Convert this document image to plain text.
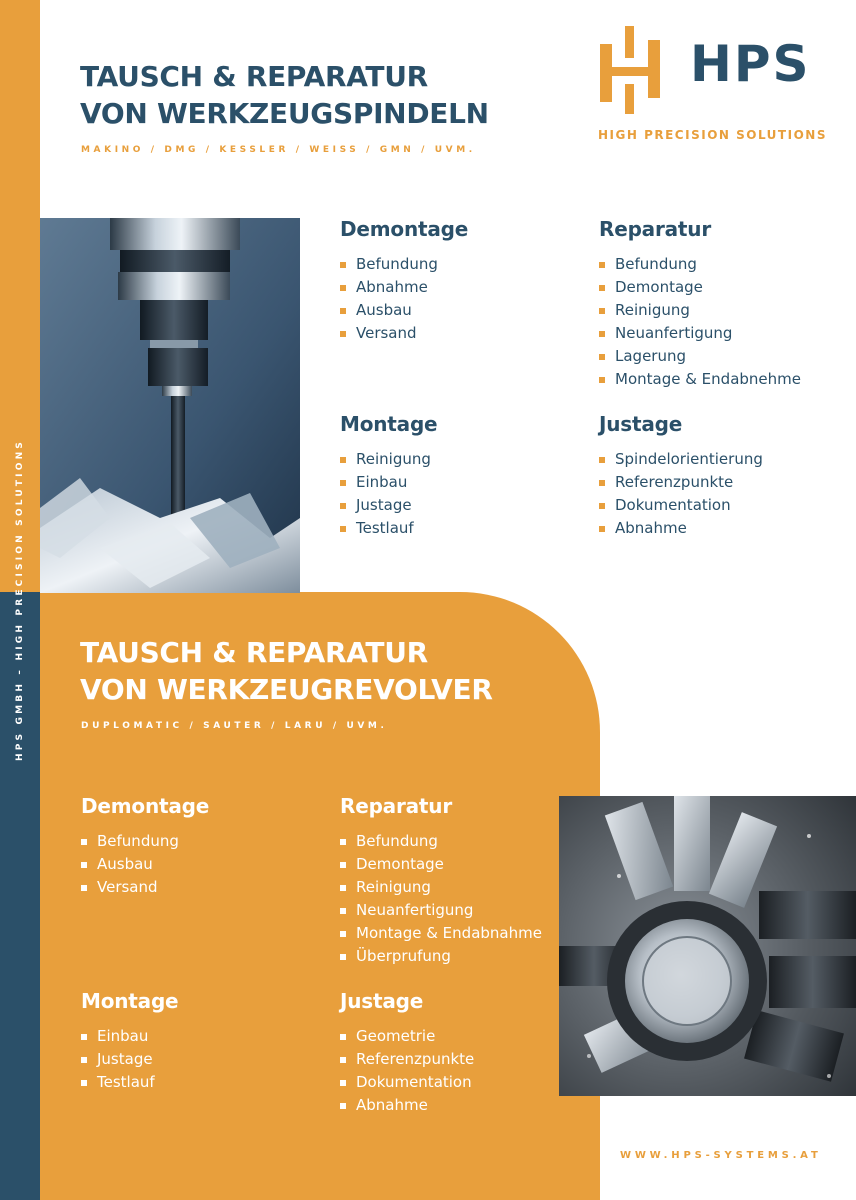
HPS GMBH – HIGH PRECISION SOLUTIONS
TAUSCH & REPARATUR
VON WERKZEUGSPINDELN

MAKINO / DMG / KESSLER / WEISS / GMN / UVM.

HPS
HIGH PRECISION SOLUTIONS
Demontage
Befundung
Abnahme
Ausbau
Versand
Reparatur
Befundung
Demontage
Reinigung
Neuanfertigung
Lagerung
Montage & Endabnehme
Montage
Reinigung
Einbau
Justage
Testlauf
Justage
Spindelorientierung
Referenzpunkte
Dokumentation
Abnahme
TAUSCH & REPARATUR
VON WERKZEUGREVOLVER

DUPLOMATIC / SAUTER / LARU / UVM.

Demontage
Befundung
Ausbau
Versand
Reparatur
Befundung
Demontage
Reinigung
Neuanfertigung
Montage & Endabnahme
Überprufung
Montage
Einbau
Justage
Testlauf
Justage
Geometrie
Referenzpunkte
Dokumentation
Abnahme
WWW.HPS-SYSTEMS.AT
